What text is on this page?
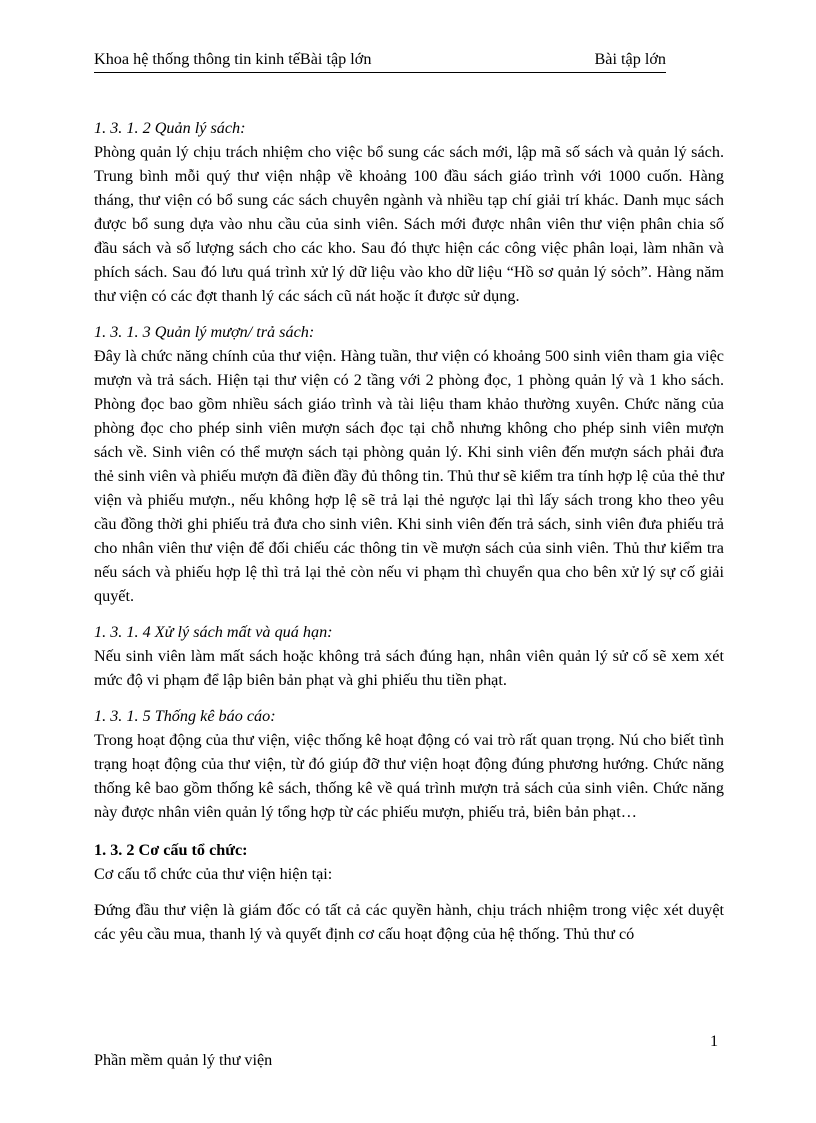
Khoa hệ thống thông tin kinh tếBài tập lớn	Bài tập lớn

1. 3. 1. 2 Quản lý sách:

Phòng quản lý chịu trách nhiệm cho việc bổ sung các sách mới, lập mã số sách và quản lý sách. Trung bình mỗi quý thư viện nhập về khoảng 100 đầu sách giáo trình với 1000 cuốn. Hàng tháng, thư viện có bổ sung các sách chuyên ngành và nhiều tạp chí giải trí khác. Danh mục sách được bổ sung dựa vào nhu cầu của sinh viên. Sách mới được nhân viên thư viện phân chia số đầu sách và số lượng sách cho các kho. Sau đó thực hiện các công việc phân loại, làm nhãn và phích sách. Sau đó lưu quá trình xử lý dữ liệu vào kho dữ liệu “Hồ sơ quản lý sỏch”. Hàng năm thư viện có các đợt thanh lý các sách cũ nát hoặc ít được sử dụng.

1. 3. 1. 3 Quản lý mượn/ trả sách:

Đây là chức năng chính của thư viện. Hàng tuần, thư viện có khoảng 500 sinh viên tham gia việc mượn và trả sách. Hiện tại thư viện có 2 tầng với 2 phòng đọc, 1 phòng quản lý và 1 kho sách. Phòng đọc bao gồm nhiều sách giáo trình và tài liệu tham khảo thường xuyên. Chức năng của phòng đọc cho phép sinh viên mượn sách đọc tại chỗ nhưng không cho phép sinh viên mượn sách về. Sinh viên có thể mượn sách tại phòng quản lý. Khi sinh viên đến mượn sách phải đưa thẻ sinh viên và phiếu mượn đã điền đầy đủ thông tin. Thủ thư sẽ kiểm tra tính hợp lệ của thẻ thư viện và phiếu mượn., nếu không hợp lệ sẽ trả lại thẻ ngược lại thì lấy sách trong kho theo yêu cầu đồng thời ghi phiếu trả đưa cho sinh viên. Khi sinh viên đến trả sách, sinh viên đưa phiếu trả cho nhân viên thư viện để đối chiếu các thông tin về mượn sách của sinh viên. Thủ thư kiểm tra nếu sách và phiếu hợp lệ thì trả lại thẻ còn nếu vi phạm thì chuyển qua cho bên xử lý sự cố giải quyết.

1. 3. 1. 4 Xử lý sách mất và quá hạn:

Nếu sinh viên làm mất sách hoặc không trả sách đúng hạn, nhân viên quản lý sử cố sẽ xem xét mức độ vi phạm để lập biên bản phạt và ghi phiếu thu tiền phạt.

1. 3. 1. 5 Thống kê báo cáo:

Trong hoạt động của thư viện, việc thống kê hoạt động có vai trò rất quan trọng. Nú cho biết tình trạng hoạt động của thư viện, từ đó giúp đỡ thư viện hoạt động đúng phương hướng. Chức năng thống kê bao gồm thống kê sách, thống kê về quá trình mượn trả sách của sinh viên. Chức năng này được nhân viên quản lý tổng hợp từ các phiếu mượn, phiếu trả, biên bản phạt…

1. 3. 2 Cơ cấu tổ chức:

Cơ cấu tổ chức của thư viện hiện tại:

Đứng đầu thư viện là giám đốc có tất cả các quyền hành, chịu trách nhiệm trong việc xét duyệt các yêu cầu mua, thanh lý và quyết định cơ cấu hoạt động của hệ thống. Thủ thư có

1
Phần mềm quản lý thư viện
